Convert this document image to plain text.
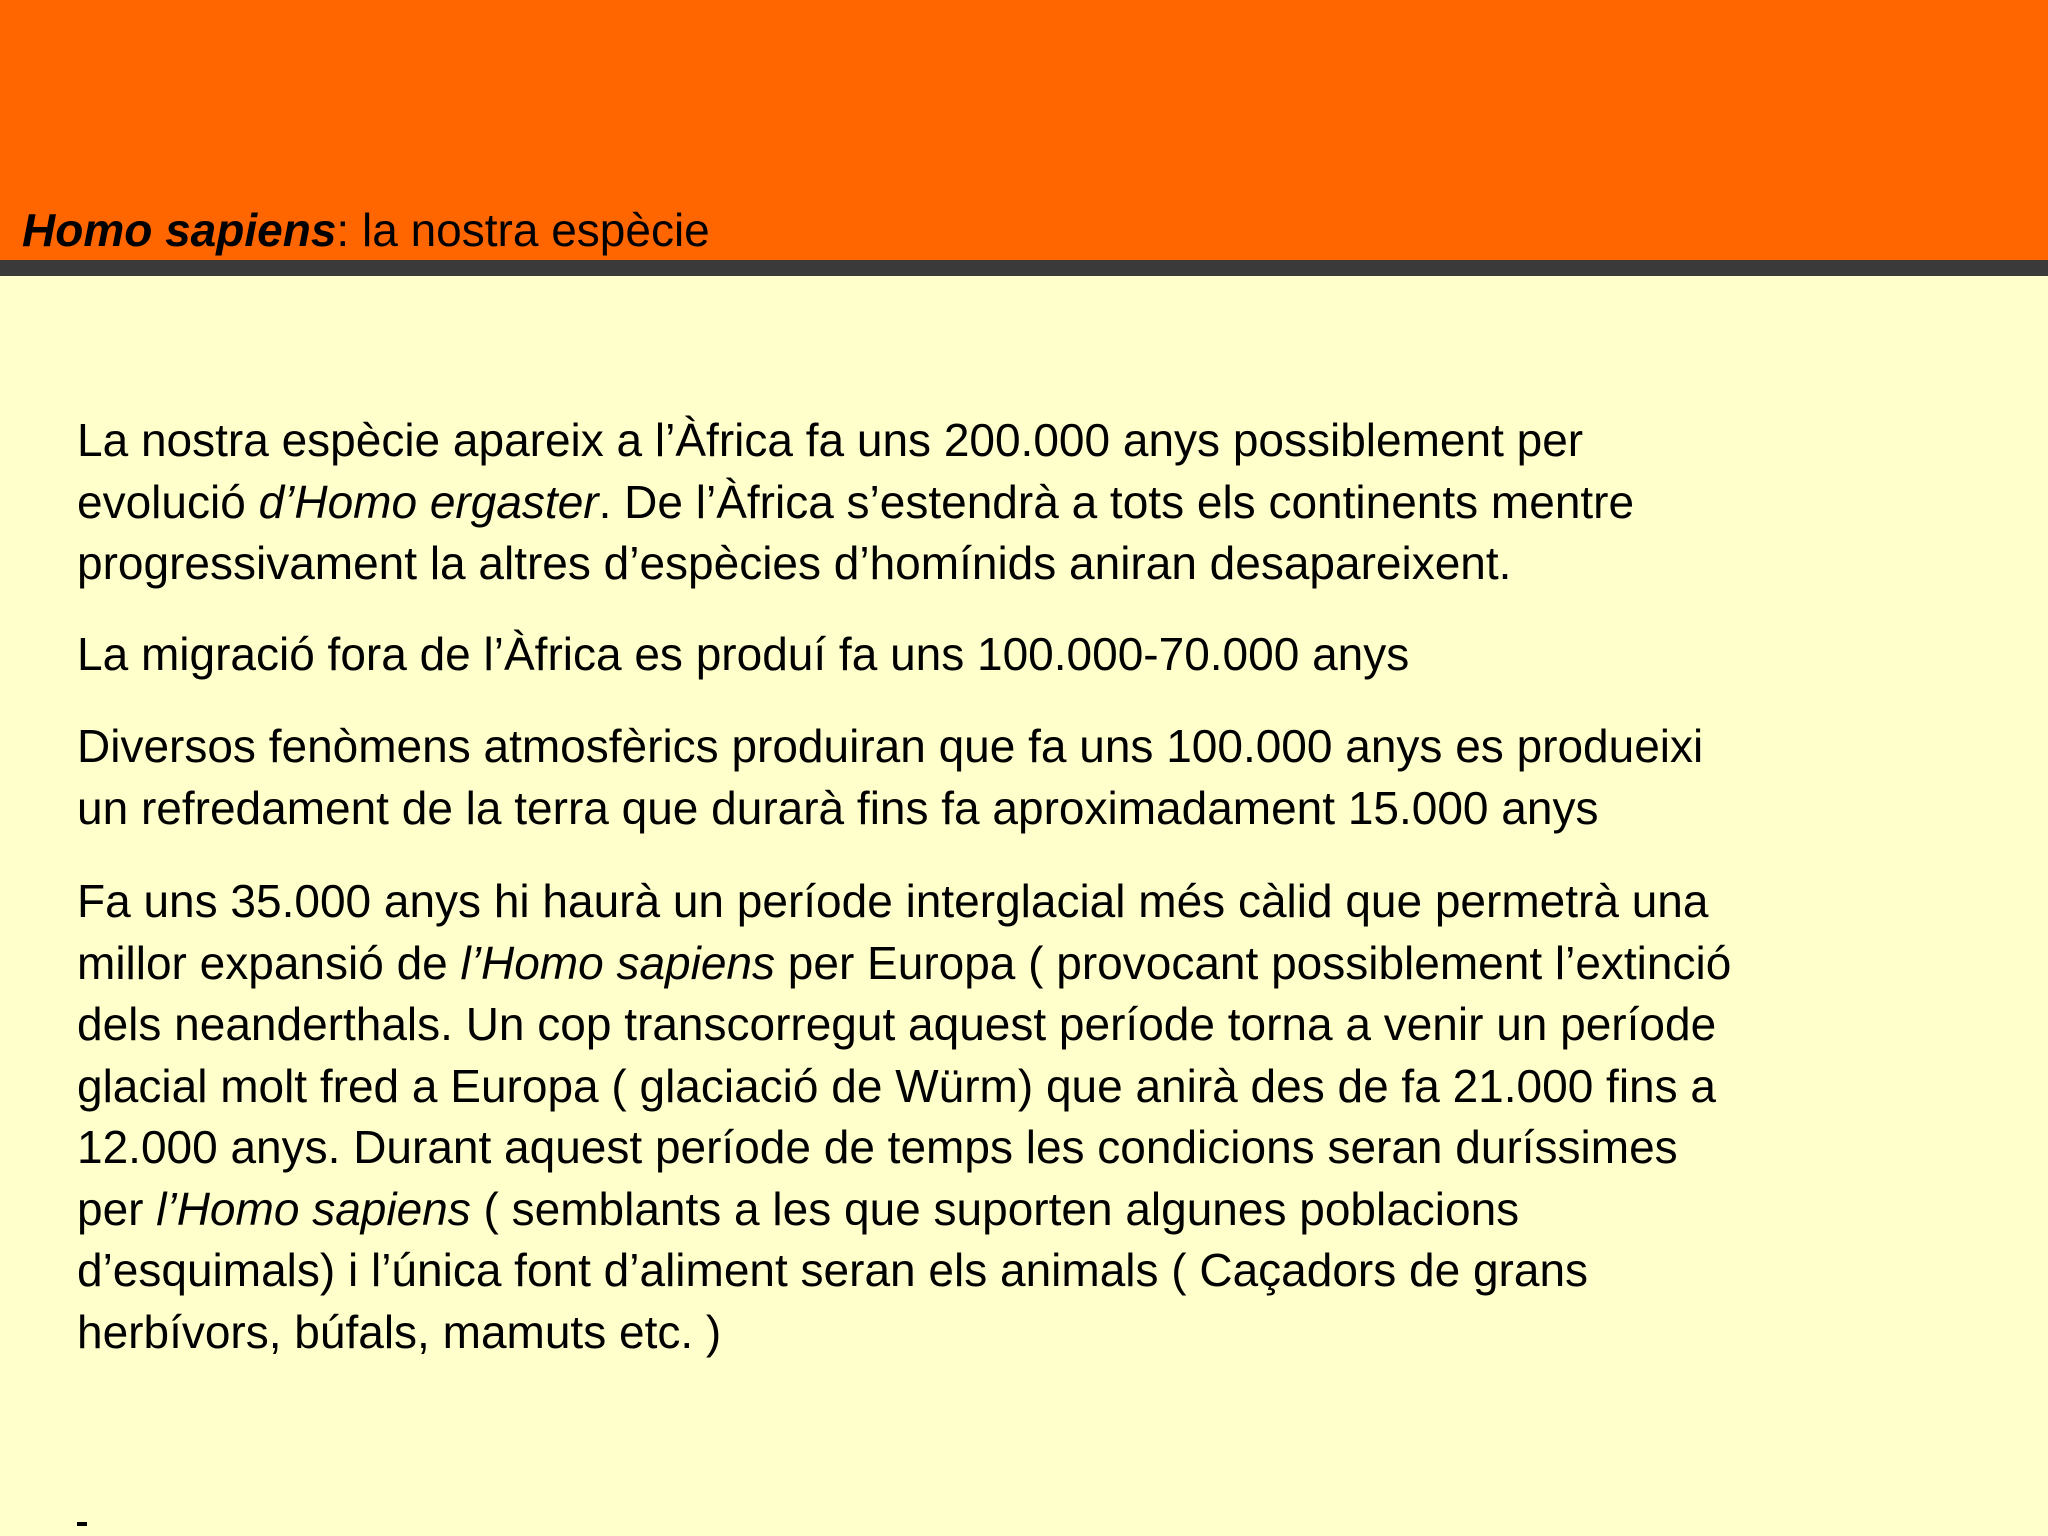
Homo sapiens: la nostra espècie

La nostra espècie apareix a l’Àfrica fa uns 200.000 anys possiblement per
evolució d’Homo ergaster. De l’Àfrica s’estendrà a tots els continents mentre
progressivament la altres d’espècies d’homínids aniran desapareixent.

La migració fora de l’Àfrica es produí fa uns 100.000-70.000 anys

Diversos fenòmens atmosfèrics produiran que fa uns 100.000 anys es produeixi
un refredament de la terra que durarà fins fa aproximadament 15.000 anys

Fa uns 35.000 anys hi haurà un període interglacial més càlid que permetrà una
millor expansió de l’Homo sapiens per Europa ( provocant possiblement l’extinció
dels neanderthals. Un cop transcorregut aquest període torna a venir un període
glacial molt fred a Europa ( glaciació de Würm) que anirà des de fa 21.000 fins a
12.000 anys. Durant aquest període de temps les condicions seran duríssimes
per l’Homo sapiens ( semblants a les que suporten algunes poblacions
d’esquimals) i l’única font d’aliment seran els animals ( Caçadors de grans
herbívors, búfals, mamuts etc. )
